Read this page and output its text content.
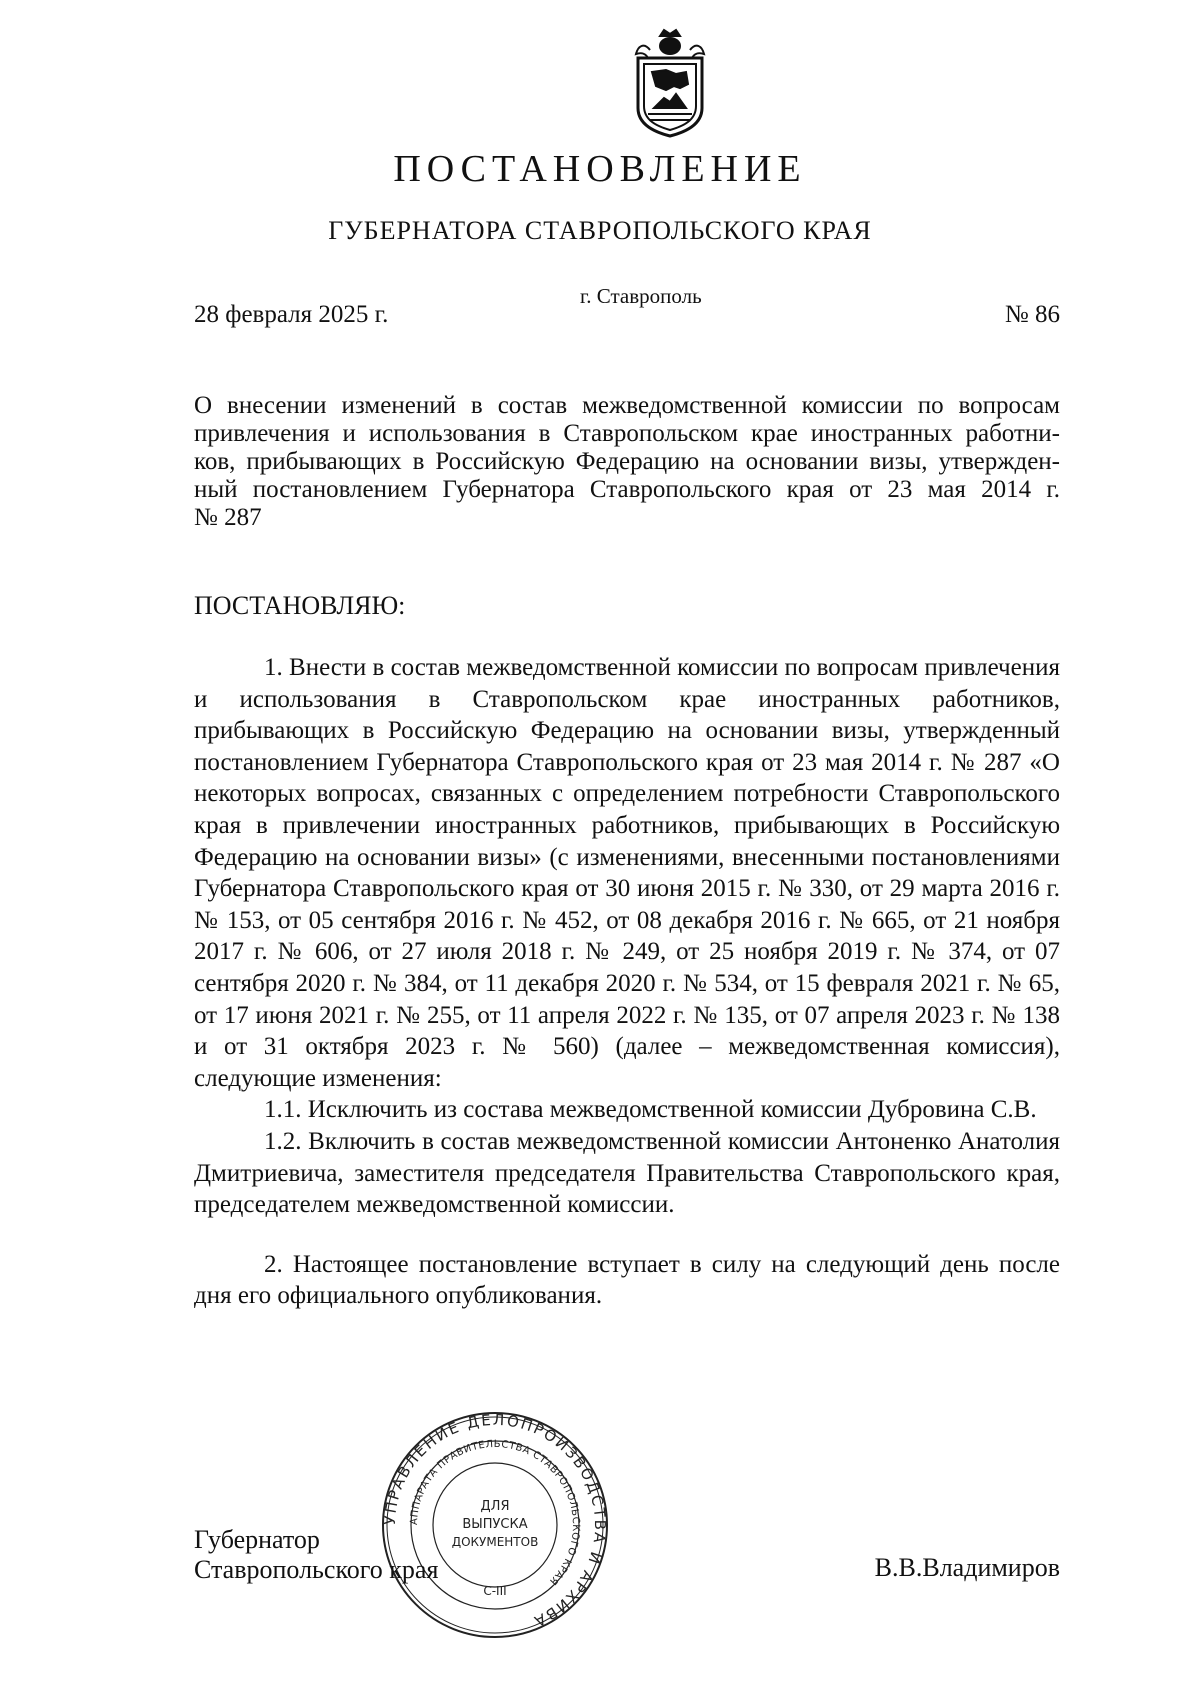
ПОСТАНОВЛЕНИЕ
ГУБЕРНАТОРА СТАВРОПОЛЬСКОГО КРАЯ
28 февраля 2025 г.
г. Ставрополь
№ 86
О внесении изменений в состав межведомственной комиссии по вопросам
привлечения и использования в Ставропольском крае иностранных работни-
ков, прибывающих в Российскую Федерацию на основании визы, утвержден-
ный постановлением Губернатора Ставропольского края от 23 мая 2014 г.
№ 287
ПОСТАНОВЛЯЮ:

1. Внести в состав межведомственной комиссии по вопросам привлечения и использования в Ставропольском крае иностранных работников, прибывающих в Российскую Федерацию на основании визы, утвержденный постановлением Губернатора Ставропольского края от 23 мая 2014 г. № 287 «О некоторых вопросах, связанных с определением потребности Ставропольского края в привлечении иностранных работников, прибывающих в Российскую Федерацию на основании визы» (с изменениями, внесенными постановлениями Губернатора Ставропольского края от 30 июня 2015 г. № 330, от 29 марта 2016 г. № 153, от 05 сентября 2016 г. № 452, от 08 декабря 2016 г. № 665, от 21 ноября 2017 г. № 606, от 27 июля 2018 г. № 249, от 25 ноября 2019 г. № 374, от 07 сентября 2020 г. № 384, от 11 декабря 2020 г. № 534, от 15 февраля 2021 г. № 65, от 17 июня 2021 г. № 255, от 11 апреля 2022 г. № 135, от 07 апреля 2023 г. № 138 и от 31 октября 2023 г. № 560) (далее – межведомственная комиссия), следующие изменения:

1.1. Исключить из состава межведомственной комиссии Дубровина С.В.

1.2. Включить в состав межведомственной комиссии Антоненко Анатолия Дмитриевича, заместителя председателя Правительства Ставропольского края, председателем межведомственной комиссии.

2. Настоящее постановление вступает в силу на следующий день после дня его официального опубликования.

УПРАВЛЕНИЕ ДЕЛОПРОИЗВОДСТВА И АРХИВА
АППАРАТА ПРАВИТЕЛЬСТВА СТАВРОПОЛЬСКОГО КРАЯ
ДЛЯ
ВЫПУСКА
ДОКУМЕНТОВ
С-III
Губернатор
Ставропольского края	В.В.Владимиров
